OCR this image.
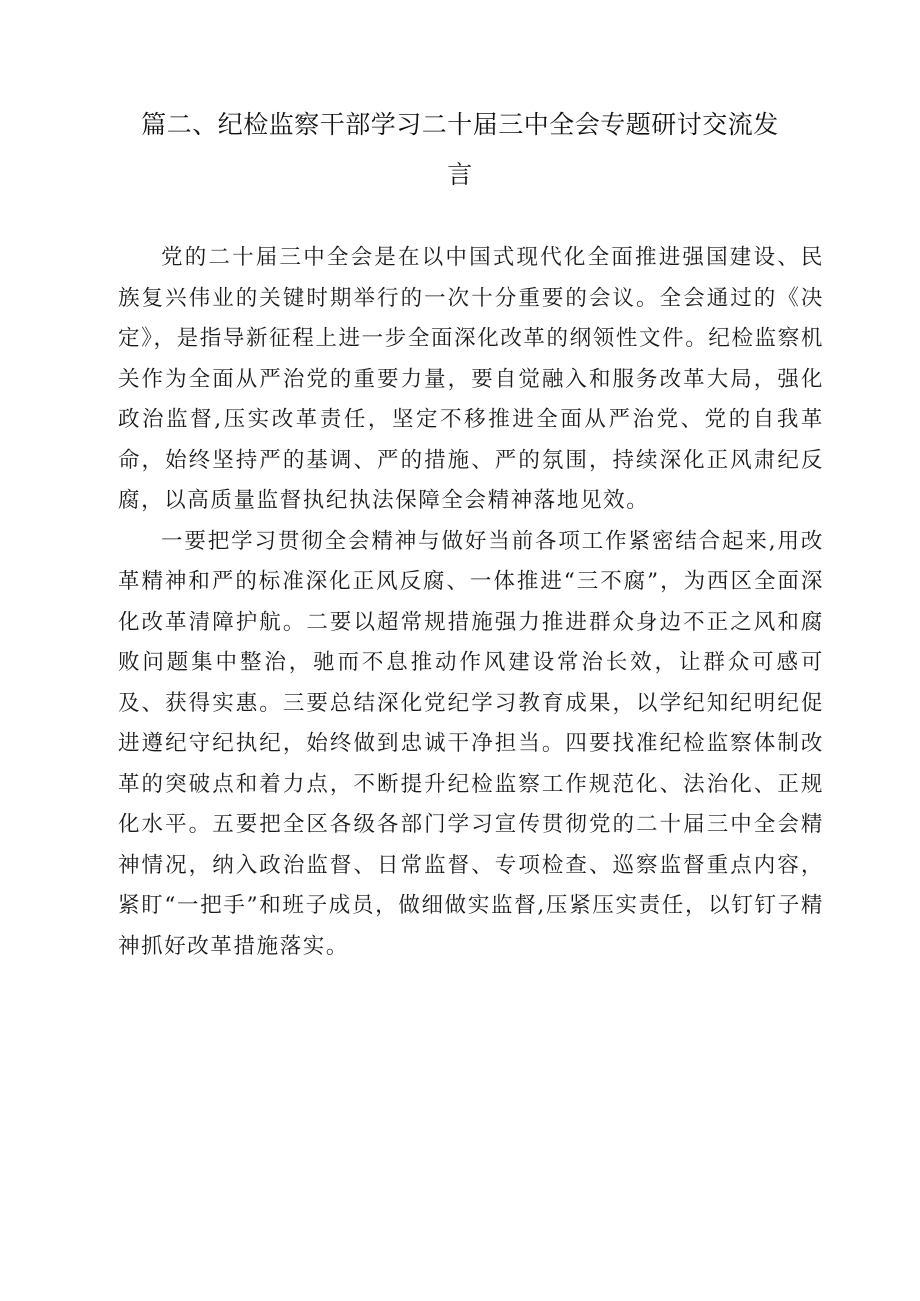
篇二、纪检监察干部学习二十届三中全会专题研讨交流发言

党的二十届三中全会是在以中国式现代化全面推进强国建设、民族复兴伟业的关键时期举行的一次十分重要的会议。全会通过的《决定》，是指导新征程上进一步全面深化改革的纲领性文件。纪检监察机关作为全面从严治党的重要力量，要自觉融入和服务改革大局，强化政治监督,压实改革责任，坚定不移推进全面从严治党、党的自我革命，始终坚持严的基调、严的措施、严的氛围，持续深化正风肃纪反腐，以高质量监督执纪执法保障全会精神落地见效。

一要把学习贯彻全会精神与做好当前各项工作紧密结合起来,用改革精神和严的标准深化正风反腐、一体推进“三不腐”，为西区全面深化改革清障护航。二要以超常规措施强力推进群众身边不正之风和腐败问题集中整治，驰而不息推动作风建设常治长效，让群众可感可及、获得实惠。三要总结深化党纪学习教育成果，以学纪知纪明纪促进遵纪守纪执纪，始终做到忠诚干净担当。四要找准纪检监察体制改革的突破点和着力点，不断提升纪检监察工作规范化、法治化、正规化水平。五要把全区各级各部门学习宣传贯彻党的二十届三中全会精神情况，纳入政治监督、日常监督、专项检查、巡察监督重点内容，紧盯“一把手”和班子成员，做细做实监督,压紧压实责任，以钉钉子精神抓好改革措施落实。
